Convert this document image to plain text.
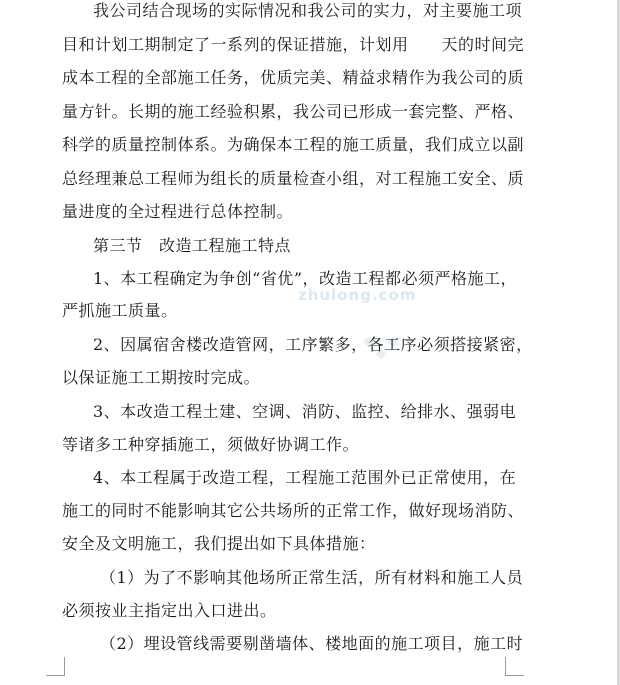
zhulong.com
我公司结合现场的实际情况和我公司的实力，对主要施工项
目和计划工期制定了一系列的保证措施，计划用　　天的时间完
成本工程的全部施工任务，优质完美、精益求精作为我公司的质
量方针。长期的施工经验积累，我公司已形成一套完整、严格、
科学的质量控制体系。为确保本工程的施工质量，我们成立以副
总经理兼总工程师为组长的质量检查小组，对工程施工安全、质
量进度的全过程进行总体控制。
第三节　改造工程施工特点
1、本工程确定为争创“省优”，改造工程都必须严格施工，
严抓施工质量。
2、因属宿舍楼改造管网，工序繁多，各工序必须搭接紧密，
以保证施工工期按时完成。
3、本改造工程土建、空调、消防、监控、给排水、强弱电
等诸多工种穿插施工，须做好协调工作。
4、本工程属于改造工程，工程施工范围外已正常使用，在
施工的同时不能影响其它公共场所的正常工作，做好现场消防、
安全及文明施工，我们提出如下具体措施：
（1）为了不影响其他场所正常生活，所有材料和施工人员
必须按业主指定出入口进出。
（2）埋设管线需要剔凿墙体、楼地面的施工项目，施工时
